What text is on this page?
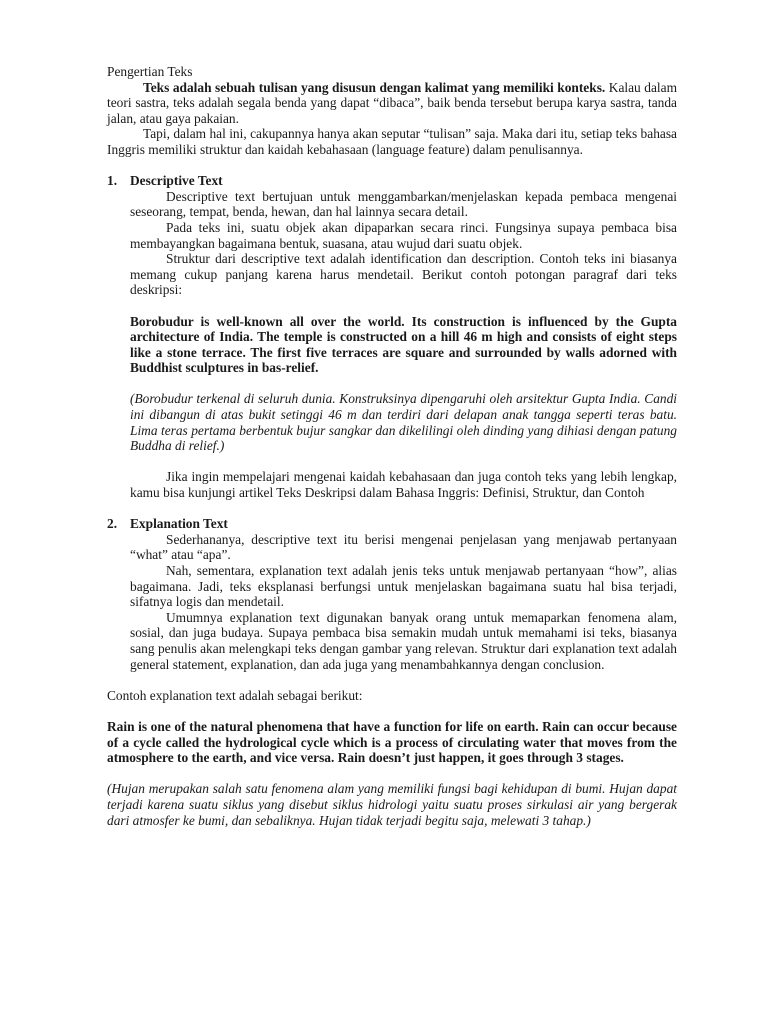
Pengertian Teks

Teks adalah sebuah tulisan yang disusun dengan kalimat yang memiliki konteks. Kalau dalam teori sastra, teks adalah segala benda yang dapat “dibaca”, baik benda tersebut berupa karya sastra, tanda jalan, atau gaya pakaian.

Tapi, dalam hal ini, cakupannya hanya akan seputar “tulisan” saja. Maka dari itu, setiap teks bahasa Inggris memiliki struktur dan kaidah kebahasaan (language feature) dalam penulisannya.

1. Descriptive Text

Descriptive text bertujuan untuk menggambarkan/menjelaskan kepada pembaca mengenai seseorang, tempat, benda, hewan, dan hal lainnya secara detail.

Pada teks ini, suatu objek akan dipaparkan secara rinci. Fungsinya supaya pembaca bisa membayangkan bagaimana bentuk, suasana, atau wujud dari suatu objek.

Struktur dari descriptive text adalah identification dan description. Contoh teks ini biasanya memang cukup panjang karena harus mendetail. Berikut contoh potongan paragraf dari teks deskripsi:

Borobudur is well-known all over the world. Its construction is influenced by the Gupta architecture of India. The temple is constructed on a hill 46 m high and consists of eight steps like a stone terrace. The first five terraces are square and surrounded by walls adorned with Buddhist sculptures in bas-relief.

(Borobudur terkenal di seluruh dunia. Konstruksinya dipengaruhi oleh arsitektur Gupta India. Candi ini dibangun di atas bukit setinggi 46 m dan terdiri dari delapan anak tangga seperti teras batu. Lima teras pertama berbentuk bujur sangkar dan dikelilingi oleh dinding yang dihiasi dengan patung Buddha di relief.)

Jika ingin mempelajari mengenai kaidah kebahasaan dan juga contoh teks yang lebih lengkap, kamu bisa kunjungi artikel Teks Deskripsi dalam Bahasa Inggris: Definisi, Struktur, dan Contoh

2. Explanation Text

Sederhananya, descriptive text itu berisi mengenai penjelasan yang menjawab pertanyaan “what” atau “apa”.

Nah, sementara, explanation text adalah jenis teks untuk menjawab pertanyaan “how”, alias bagaimana. Jadi, teks eksplanasi berfungsi untuk menjelaskan bagaimana suatu hal bisa terjadi, sifatnya logis dan mendetail.

Umumnya explanation text digunakan banyak orang untuk memaparkan fenomena alam, sosial, dan juga budaya. Supaya pembaca bisa semakin mudah untuk memahami isi teks, biasanya sang penulis akan melengkapi teks dengan gambar yang relevan. Struktur dari explanation text adalah general statement, explanation, dan ada juga yang menambahkannya dengan conclusion.

Contoh explanation text adalah sebagai berikut:

Rain is one of the natural phenomena that have a function for life on earth. Rain can occur because of a cycle called the hydrological cycle which is a process of circulating water that moves from the atmosphere to the earth, and vice versa. Rain doesn’t just happen, it goes through 3 stages.

(Hujan merupakan salah satu fenomena alam yang memiliki fungsi bagi kehidupan di bumi. Hujan dapat terjadi karena suatu siklus yang disebut siklus hidrologi yaitu suatu proses sirkulasi air yang bergerak dari atmosfer ke bumi, dan sebaliknya. Hujan tidak terjadi begitu saja, melewati 3 tahap.)
